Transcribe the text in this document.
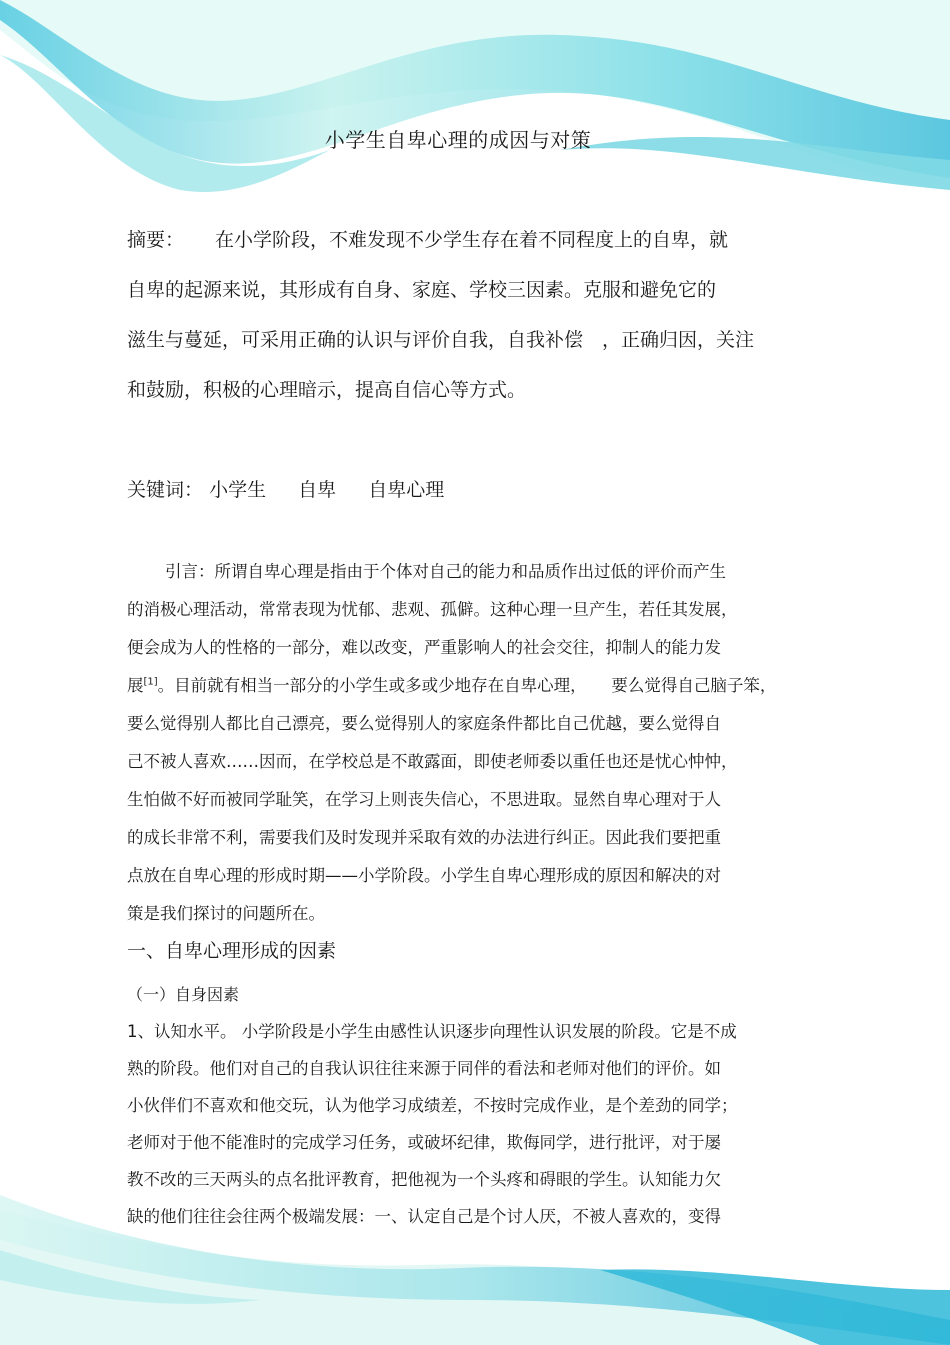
小学生自卑心理的成因与对策
摘要： 在小学阶段，不难发现不少学生存在着不同程度上的自卑，就
自卑的起源来说，其形成有自身、家庭、学校三因素。克服和避免它的
滋生与蔓延，可采用正确的认识与评价自我，自我补偿　，正确归因，关注
和鼓励，积极的心理暗示，提高自信心等方式。
关键词： 小学生 自卑 自卑心理
引言：所谓自卑心理是指由于个体对自己的能力和品质作出过低的评价而产生
的消极心理活动，常常表现为忧郁、悲观、孤僻。这种心理一旦产生，若任其发展，
便会成为人的性格的一部分，难以改变，严重影响人的社会交往，抑制人的能力发
展[1]。目前就有相当一部分的小学生或多或少地存在自卑心理，　　要么觉得自己脑子笨，
要么觉得别人都比自己漂亮，要么觉得别人的家庭条件都比自己优越，要么觉得自
己不被人喜欢……因而，在学校总是不敢露面，即使老师委以重任也还是忧心忡忡，
生怕做不好而被同学耻笑，在学习上则丧失信心，不思进取。显然自卑心理对于人
的成长非常不利，需要我们及时发现并采取有效的办法进行纠正。因此我们要把重
点放在自卑心理的形成时期——小学阶段。小学生自卑心理形成的原因和解决的对
策是我们探讨的问题所在。
一、自卑心理形成的因素
（一）自身因素
1、认知水平。 小学阶段是小学生由感性认识逐步向理性认识发展的阶段。它是不成
熟的阶段。他们对自己的自我认识往往来源于同伴的看法和老师对他们的评价。如
小伙伴们不喜欢和他交玩，认为他学习成绩差，不按时完成作业，是个差劲的同学；
老师对于他不能准时的完成学习任务，或破坏纪律，欺侮同学，进行批评，对于屡
教不改的三天两头的点名批评教育，把他视为一个头疼和碍眼的学生。认知能力欠
缺的他们往往会往两个极端发展：一、认定自己是个讨人厌，不被人喜欢的，变得
